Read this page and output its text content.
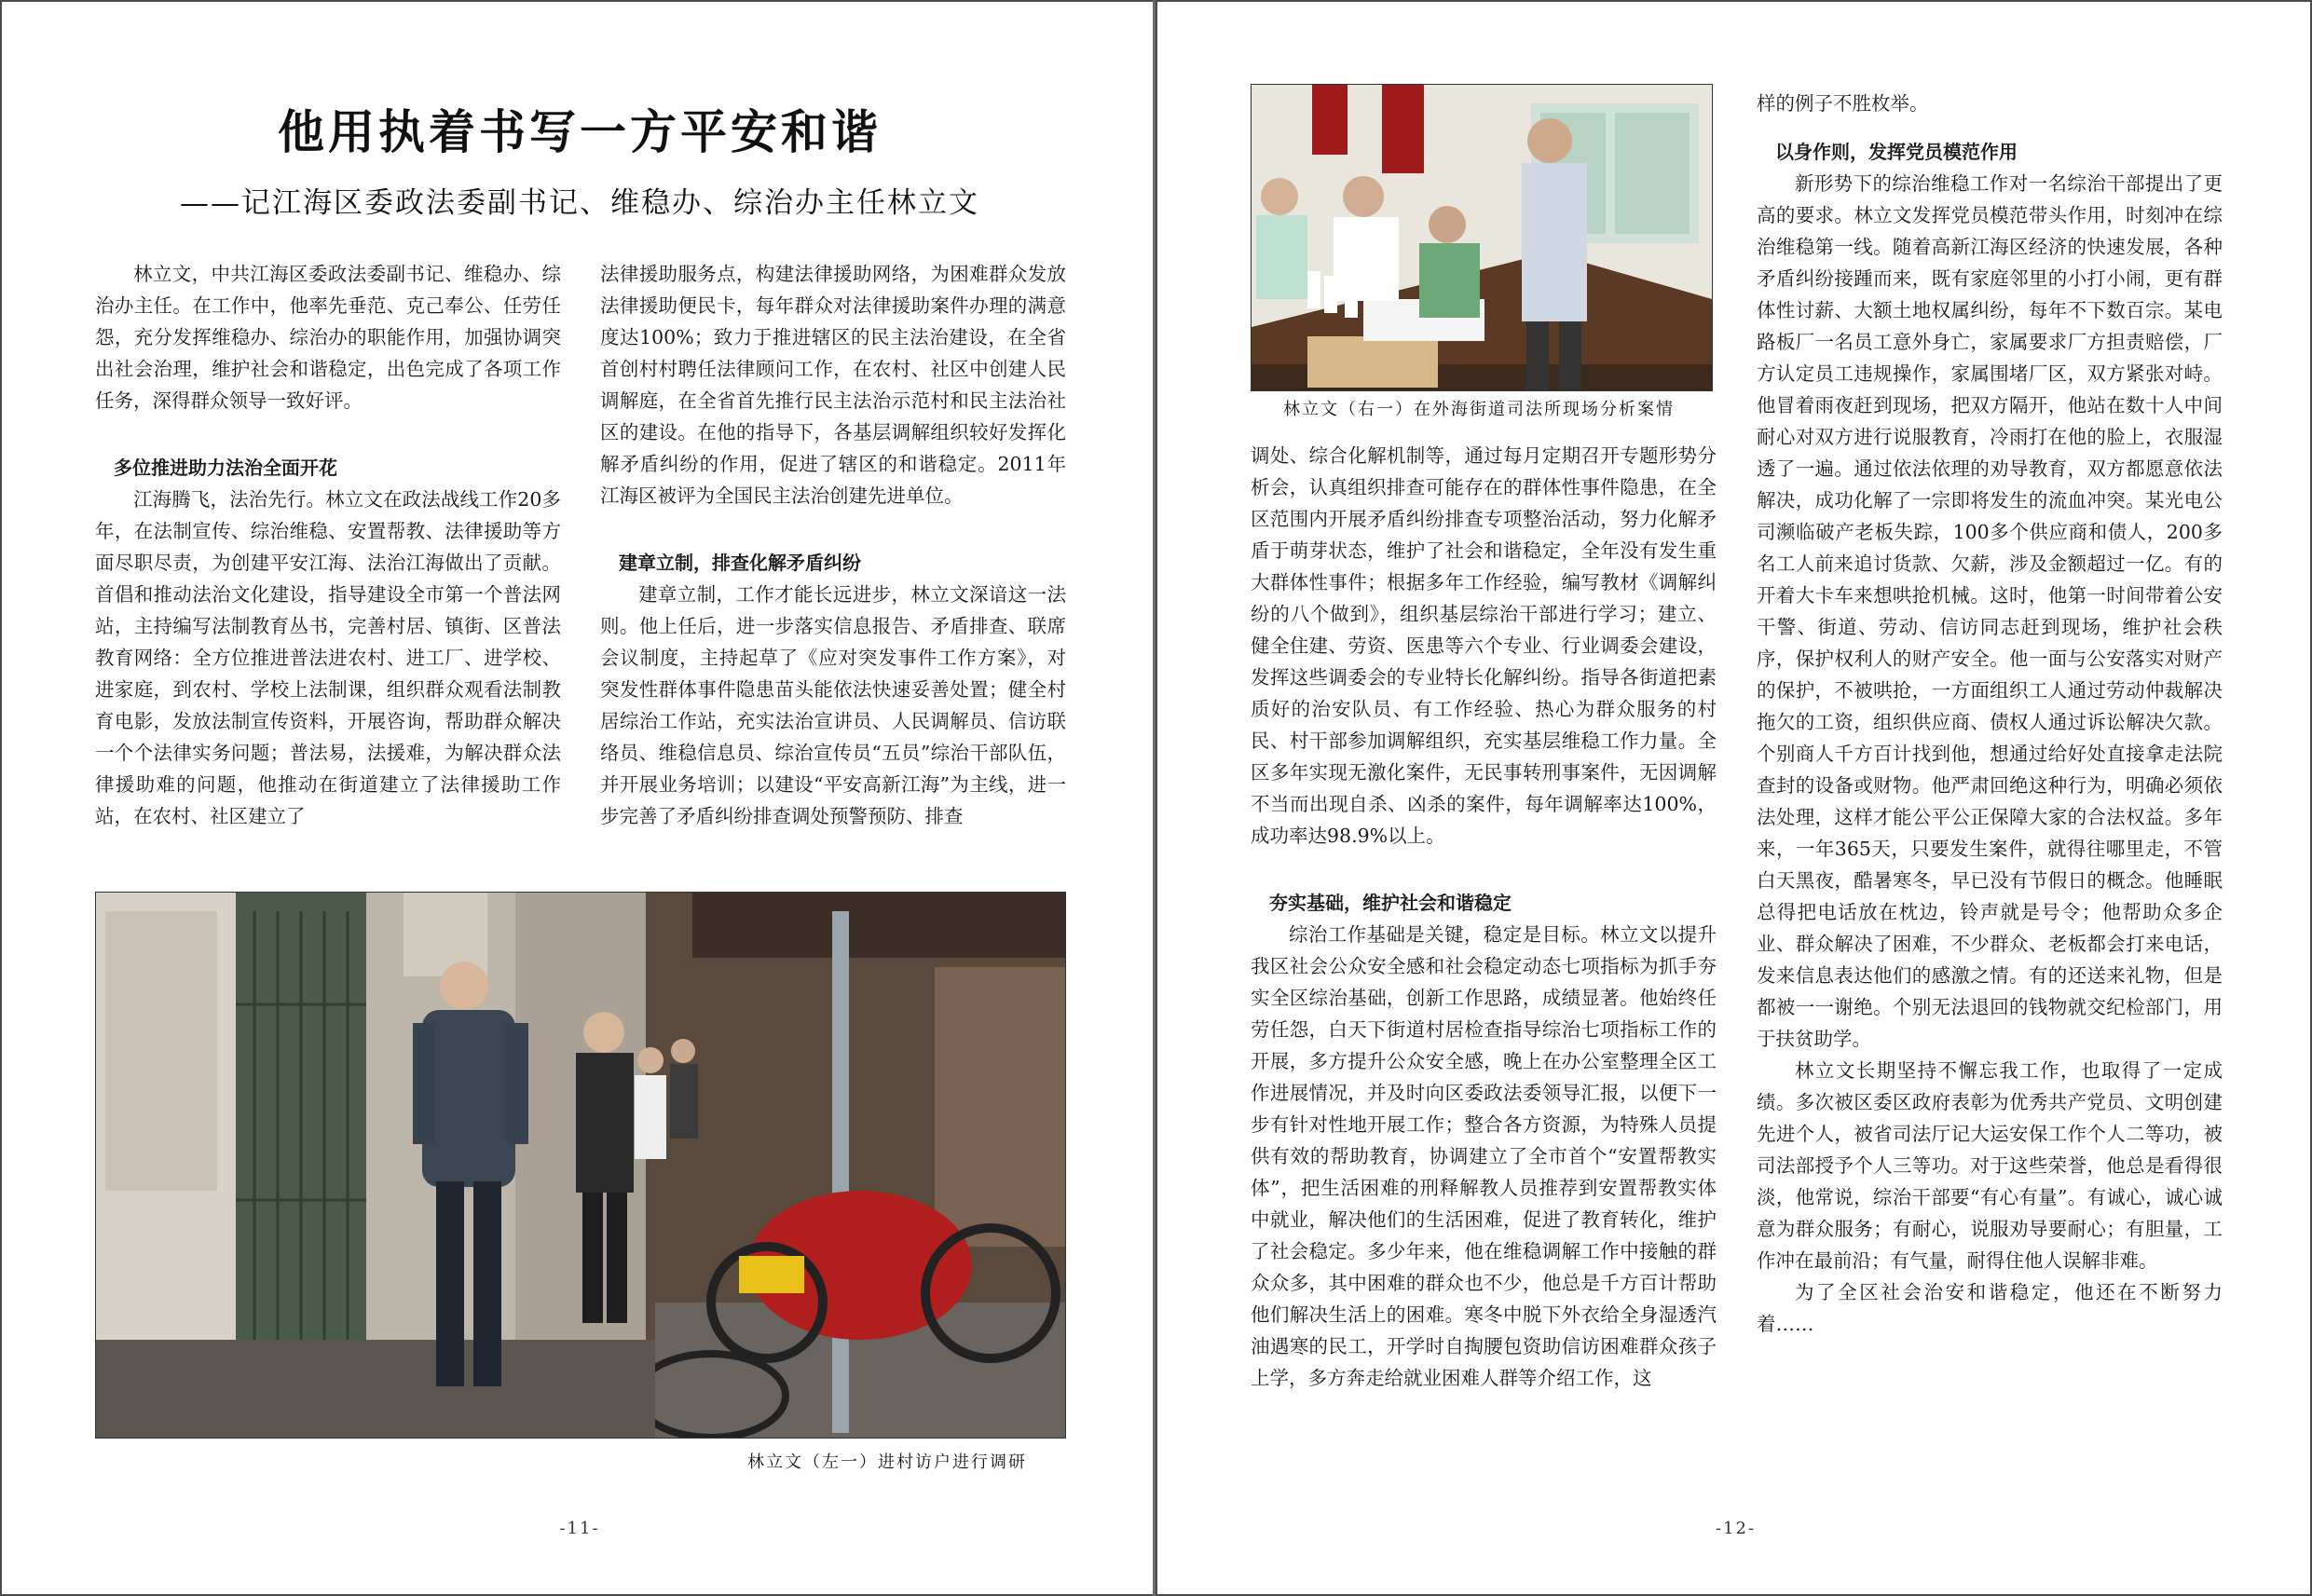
他用执着书写一方平安和谐
——记江海区委政法委副书记、维稳办、综治办主任林立文

林立文，中共江海区委政法委副书记、维稳办、综治办主任。在工作中，他率先垂范、克己奉公、任劳任怨，充分发挥维稳办、综治办的职能作用，加强协调突出社会治理，维护社会和谐稳定，出色完成了各项工作任务，深得群众领导一致好评。

多位推进助力法治全面开花

江海腾飞，法治先行。林立文在政法战线工作20多年，在法制宣传、综治维稳、安置帮教、法律援助等方面尽职尽责，为创建平安江海、法治江海做出了贡献。首倡和推动法治文化建设，指导建设全市第一个普法网站，主持编写法制教育丛书，完善村居、镇街、区普法教育网络：全方位推进普法进农村、进工厂、进学校、进家庭，到农村、学校上法制课，组织群众观看法制教育电影，发放法制宣传资料，开展咨询，帮助群众解决一个个法律实务问题；普法易，法援难，为解决群众法律援助难的问题，他推动在街道建立了法律援助工作站，在农村、社区建立了

法律援助服务点，构建法律援助网络，为困难群众发放法律援助便民卡，每年群众对法律援助案件办理的满意度达100%；致力于推进辖区的民主法治建设，在全省首创村村聘任法律顾问工作，在农村、社区中创建人民调解庭，在全省首先推行民主法治示范村和民主法治社区的建设。在他的指导下，各基层调解组织较好发挥化解矛盾纠纷的作用，促进了辖区的和谐稳定。2011年江海区被评为全国民主法治创建先进单位。

建章立制，排查化解矛盾纠纷

建章立制，工作才能长远进步，林立文深谙这一法则。他上任后，进一步落实信息报告、矛盾排查、联席会议制度，主持起草了《应对突发事件工作方案》，对突发性群体事件隐患苗头能依法快速妥善处置；健全村居综治工作站，充实法治宣讲员、人民调解员、信访联络员、维稳信息员、综治宣传员“五员”综治干部队伍，并开展业务培训；以建设“平安高新江海”为主线，进一步完善了矛盾纠纷排查调处预警预防、排查

林立文（左一）进村访户进行调研
-11-
林立文（右一）在外海街道司法所现场分析案情

调处、综合化解机制等，通过每月定期召开专题形势分析会，认真组织排查可能存在的群体性事件隐患，在全区范围内开展矛盾纠纷排查专项整治活动，努力化解矛盾于萌芽状态，维护了社会和谐稳定，全年没有发生重大群体性事件；根据多年工作经验，编写教材《调解纠纷的八个做到》，组织基层综治干部进行学习；建立、健全住建、劳资、医患等六个专业、行业调委会建设，发挥这些调委会的专业特长化解纠纷。指导各街道把素质好的治安队员、有工作经验、热心为群众服务的村民、村干部参加调解组织，充实基层维稳工作力量。全区多年实现无激化案件，无民事转刑事案件，无因调解不当而出现自杀、凶杀的案件，每年调解率达100%，成功率达98.9%以上。

夯实基础，维护社会和谐稳定

综治工作基础是关键，稳定是目标。林立文以提升我区社会公众安全感和社会稳定动态七项指标为抓手夯实全区综治基础，创新工作思路，成绩显著。他始终任劳任怨，白天下街道村居检查指导综治七项指标工作的开展，多方提升公众安全感，晚上在办公室整理全区工作进展情况，并及时向区委政法委领导汇报，以便下一步有针对性地开展工作；整合各方资源，为特殊人员提供有效的帮助教育，协调建立了全市首个“安置帮教实体”，把生活困难的刑释解教人员推荐到安置帮教实体中就业，解决他们的生活困难，促进了教育转化，维护了社会稳定。多少年来，他在维稳调解工作中接触的群众众多，其中困难的群众也不少，他总是千方百计帮助他们解决生活上的困难。寒冬中脱下外衣给全身湿透汽油遇寒的民工，开学时自掏腰包资助信访困难群众孩子上学，多方奔走给就业困难人群等介绍工作，这

样的例子不胜枚举。

以身作则，发挥党员模范作用

新形势下的综治维稳工作对一名综治干部提出了更高的要求。林立文发挥党员模范带头作用，时刻冲在综治维稳第一线。随着高新江海区经济的快速发展，各种矛盾纠纷接踵而来，既有家庭邻里的小打小闹，更有群体性讨薪、大额土地权属纠纷，每年不下数百宗。某电路板厂一名员工意外身亡，家属要求厂方担责赔偿，厂方认定员工违规操作，家属围堵厂区，双方紧张对峙。他冒着雨夜赶到现场，把双方隔开，他站在数十人中间耐心对双方进行说服教育，冷雨打在他的脸上，衣服湿透了一遍。通过依法依理的劝导教育，双方都愿意依法解决，成功化解了一宗即将发生的流血冲突。某光电公司濒临破产老板失踪，100多个供应商和债人，200多名工人前来追讨货款、欠薪，涉及金额超过一亿。有的开着大卡车来想哄抢机械。这时，他第一时间带着公安干警、街道、劳动、信访同志赶到现场，维护社会秩序，保护权利人的财产安全。他一面与公安落实对财产的保护，不被哄抢，一方面组织工人通过劳动仲裁解决拖欠的工资，组织供应商、债权人通过诉讼解决欠款。个别商人千方百计找到他，想通过给好处直接拿走法院查封的设备或财物。他严肃回绝这种行为，明确必须依法处理，这样才能公平公正保障大家的合法权益。多年来，一年365天，只要发生案件，就得往哪里走，不管白天黑夜，酷暑寒冬，早已没有节假日的概念。他睡眠总得把电话放在枕边，铃声就是号令；他帮助众多企业、群众解决了困难，不少群众、老板都会打来电话，发来信息表达他们的感激之情。有的还送来礼物，但是都被一一谢绝。个别无法退回的钱物就交纪检部门，用于扶贫助学。

林立文长期坚持不懈忘我工作，也取得了一定成绩。多次被区委区政府表彰为优秀共产党员、文明创建先进个人，被省司法厅记大运安保工作个人二等功，被司法部授予个人三等功。对于这些荣誉，他总是看得很淡，他常说，综治干部要“有心有量”。有诚心，诚心诚意为群众服务；有耐心，说服劝导要耐心；有胆量，工作冲在最前沿；有气量，耐得住他人误解非难。

为了全区社会治安和谐稳定，他还在不断努力着……

-12-
